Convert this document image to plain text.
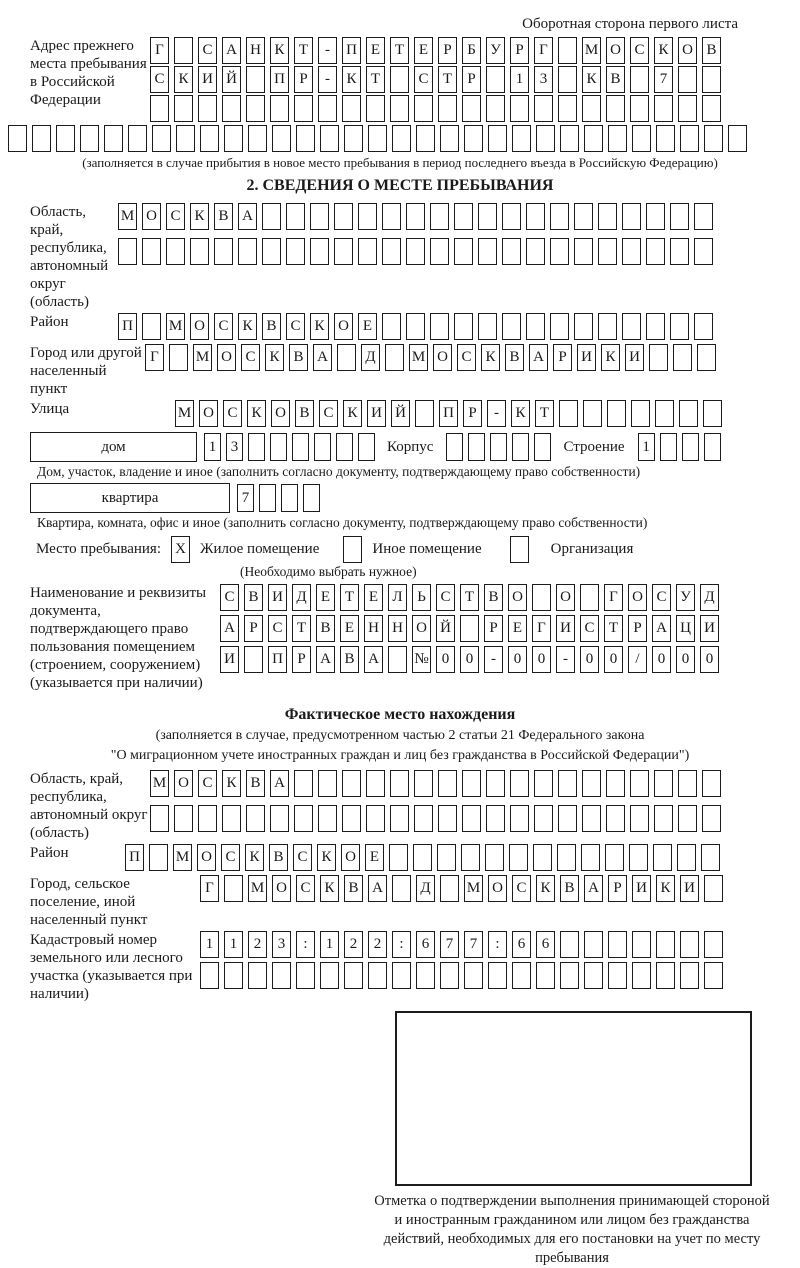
Оборотная сторона первого листа
Адрес прежнего места пребывания в Российской Федерации
Г	С А Н К Т	-	П Е Т Е	Р	Б У Р	Г	М О С К О В
С К И Й П Р	-	К Т	С Т	Р	1	3	К В	7
(заполняется в случае прибытия в новое место пребывания в период последнего въезда в Российскую Федерацию)
2. СВЕДЕНИЯ О МЕСТЕ ПРЕБЫВАНИЯ
Область, край, республика, автономный округ (область)
М О С К В А
Район	П М О С К В С К О Е
Город или другой населенный пункт
Г	М О С К В А Д М О С К В А Р И К И
Улица	М О С К О В С К И Й П Р	-	К Т
дом	1 3	Корпус	Строение	1
Дом, участок, владение и иное (заполнить согласно документу, подтверждающему право собственности)
квартира	7
Квартира, комната, офис и иное (заполнить согласно документу, подтверждающему право собственности)
Место пребывания: X Жилое помещение	Иное помещение	Организация
(Необходимо выбрать нужное)
Наименование и реквизиты документа, подтверждающего право пользования помещением (строением, сооружением) (указывается при наличии)
С В И Д Е Т Е Л Ь С Т В О О	Г О С У Д
А Р С Т В Е Н Н О Й	Р	Е	Г И С Т	Р А Ц И
И П Р А В А № 0	0	-	0	0	-	0	0	/	0	0	0
Фактическое место нахождения
(заполняется в случае, предусмотренном частью 2 статьи 21 Федерального закона
"О миграционном учете иностранных граждан и лиц без гражданства в Российской Федерации")
Область, край, республика, автономный округ (область)
М О С К В А
Район	П М О С К В С К О Е
Город, сельское поселение, иной населенный пункт
Г	М О С К В А Д М О С К В А Р И К И
Кадастровый номер земельного или лесного участка (указывается при наличии)
1	1	2	3	:	1	2	2	:	6	7	7	:	6	6
Отметка о подтверждении выполнения принимающей стороной и иностранным гражданином или лицом без гражданства действий, необходимых для его постановки на учет по месту пребывания
